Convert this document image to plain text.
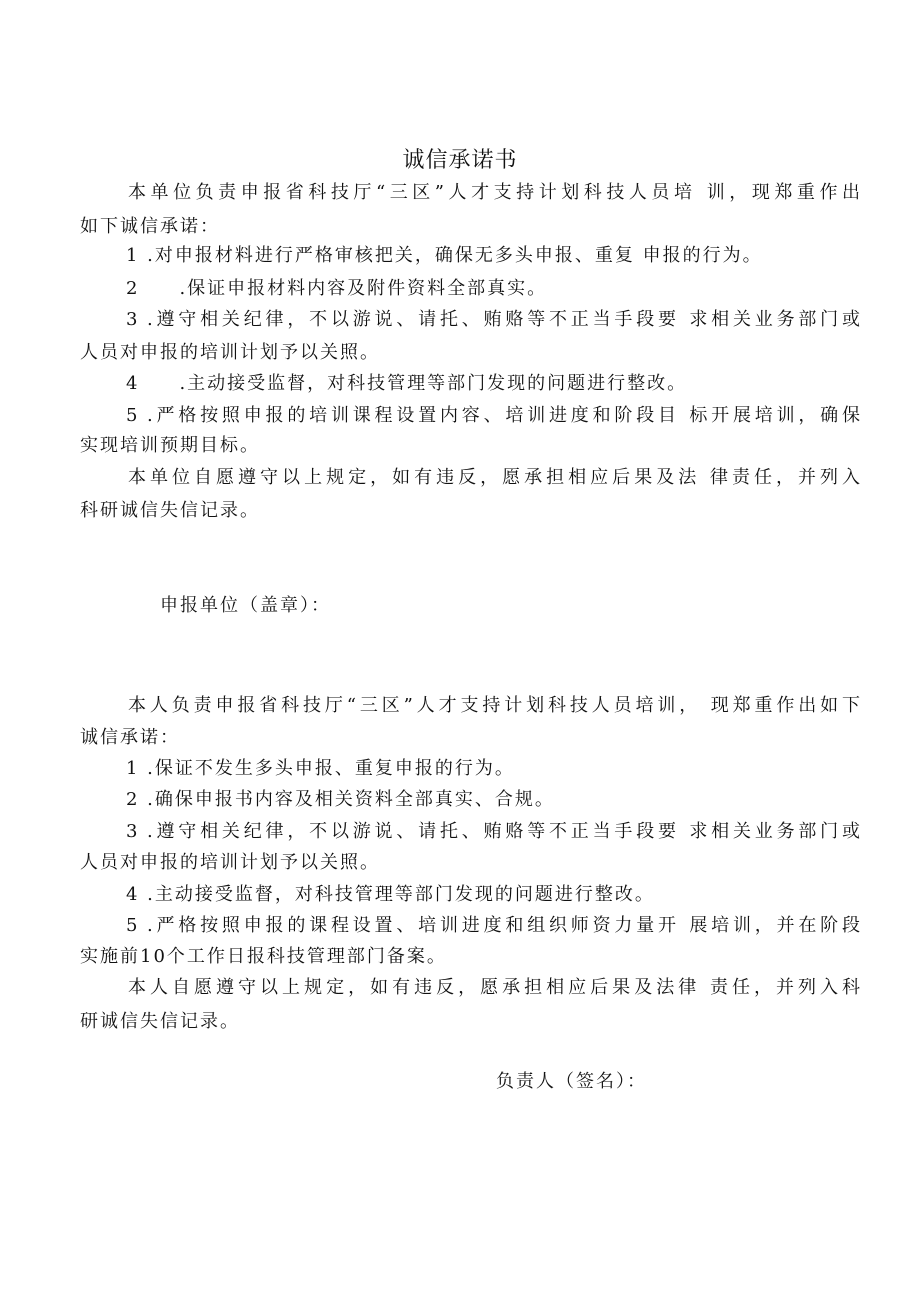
诚信承诺书
本单位负责申报省科技厅“三区”人才支持计划科技人员培 训，现郑重作出
如下诚信承诺：
1 .对申报材料进行严格审核把关，确保无多头申报、重复 申报的行为。
2　　.保证申报材料内容及附件资料全部真实。
3 .遵守相关纪律，不以游说、请托、贿赂等不正当手段要 求相关业务部门或
人员对申报的培训计划予以关照。
4　　.主动接受监督，对科技管理等部门发现的问题进行整改。
5 .严格按照申报的培训课程设置内容、培训进度和阶段目 标开展培训，确保
实现培训预期目标。
本单位自愿遵守以上规定，如有违反，愿承担相应后果及法 律责任，并列入
科研诚信失信记录。
申报单位（盖章）：
本人负责申报省科技厅“三区”人才支持计划科技人员培训， 现郑重作出如下
诚信承诺：
1 .保证不发生多头申报、重复申报的行为。
2 .确保申报书内容及相关资料全部真实、合规。
3 .遵守相关纪律，不以游说、请托、贿赂等不正当手段要 求相关业务部门或
人员对申报的培训计划予以关照。
4 .主动接受监督，对科技管理等部门发现的问题进行整改。
5 .严格按照申报的课程设置、培训进度和组织师资力量开 展培训，并在阶段
实施前10个工作日报科技管理部门备案。
本人自愿遵守以上规定，如有违反，愿承担相应后果及法律 责任，并列入科
研诚信失信记录。
负责人（签名）：
